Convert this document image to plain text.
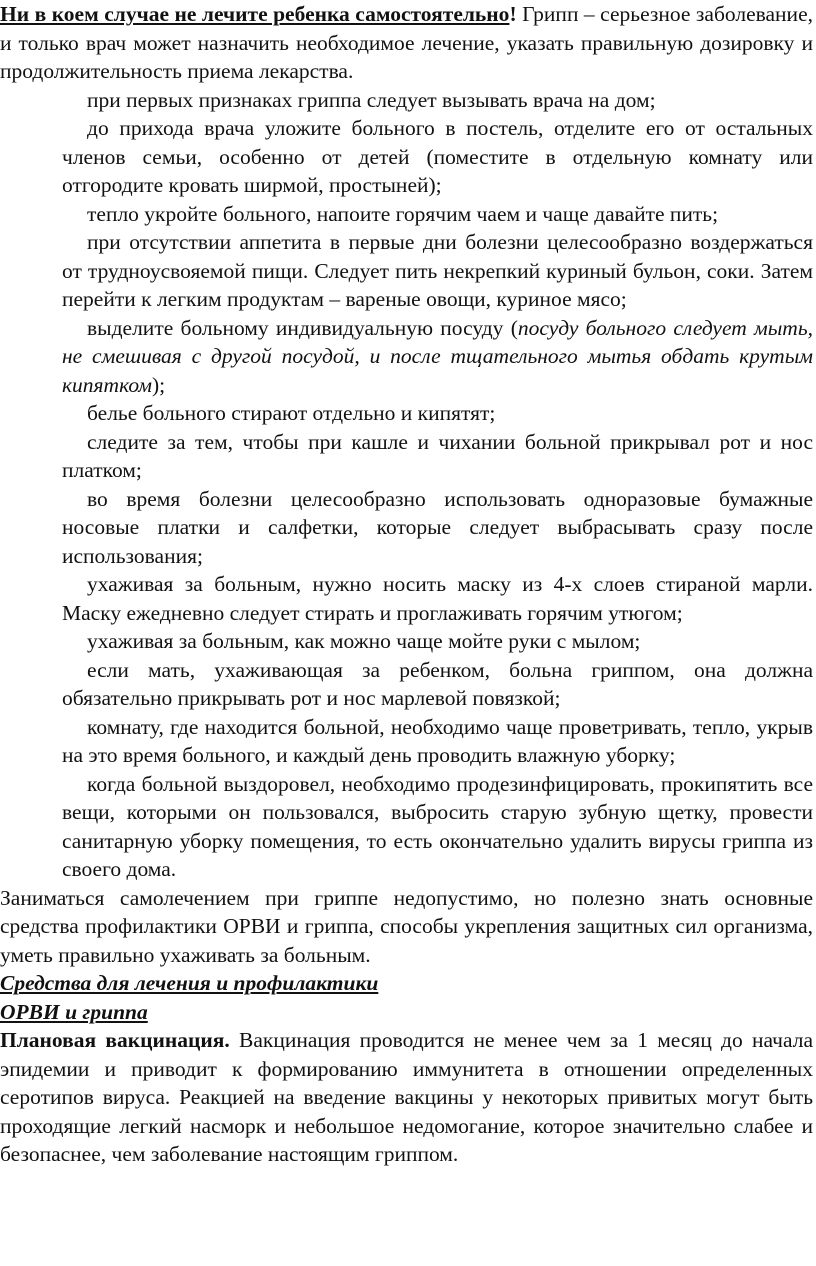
Ни в коем случае не лечите ребенка самостоятельно! Грипп – серьезное заболевание, и только врач может назначить необходимое лечение, указать правильную дозировку и продолжительность приема лекарства.

при первых признаках гриппа следует вызывать врача на дом;

до прихода врача уложите больного в постель, отделите его от остальных членов семьи, особенно от детей (поместите в отдельную комнату или отгородите кровать ширмой, простыней);

тепло укройте больного, напоите горячим чаем и чаще давайте пить;

при отсутствии аппетита в первые дни болезни целесообразно воздержаться от трудноусвояемой пищи. Следует пить некрепкий куриный бульон, соки. Затем перейти к легким продуктам – вареные овощи, куриное мясо;

выделите больному индивидуальную посуду (посуду больного следует мыть, не смешивая с другой посудой, и после тщательного мытья обдать крутым кипятком);

белье больного стирают отдельно и кипятят;

следите за тем, чтобы при кашле и чихании больной прикрывал рот и нос платком;

во время болезни целесообразно использовать одноразовые бумажные носовые платки и салфетки, которые следует выбрасывать сразу после использования;

ухаживая за больным, нужно носить маску из 4-х слоев стираной марли. Маску ежедневно следует стирать и проглаживать горячим утюгом;

ухаживая за больным, как можно чаще мойте руки с мылом;

если мать, ухаживающая за ребенком, больна гриппом, она должна обязательно прикрывать рот и нос марлевой повязкой;

комнату, где находится больной, необходимо чаще проветривать, тепло, укрыв на это время больного, и каждый день проводить влажную уборку;

когда больной выздоровел, необходимо продезинфицировать, прокипятить все вещи, которыми он пользовался, выбросить старую зубную щетку, провести санитарную уборку помещения, то есть окончательно удалить вирусы гриппа из своего дома.

Заниматься самолечением при гриппе недопустимо, но полезно знать основные средства профилактики ОРВИ и гриппа, способы укрепления защитных сил организма, уметь правильно ухаживать за больным.

Средства для лечения и профилактики

ОРВИ и гриппа

Плановая вакцинация. Вакцинация проводится не менее чем за 1 месяц до начала эпидемии и приводит к формированию иммунитета в отношении определенных серотипов вируса. Реакцией на введение вакцины у некоторых привитых могут быть проходящие легкий насморк и небольшое недомогание, которое значительно слабее и безопаснее, чем заболевание настоящим гриппом.
